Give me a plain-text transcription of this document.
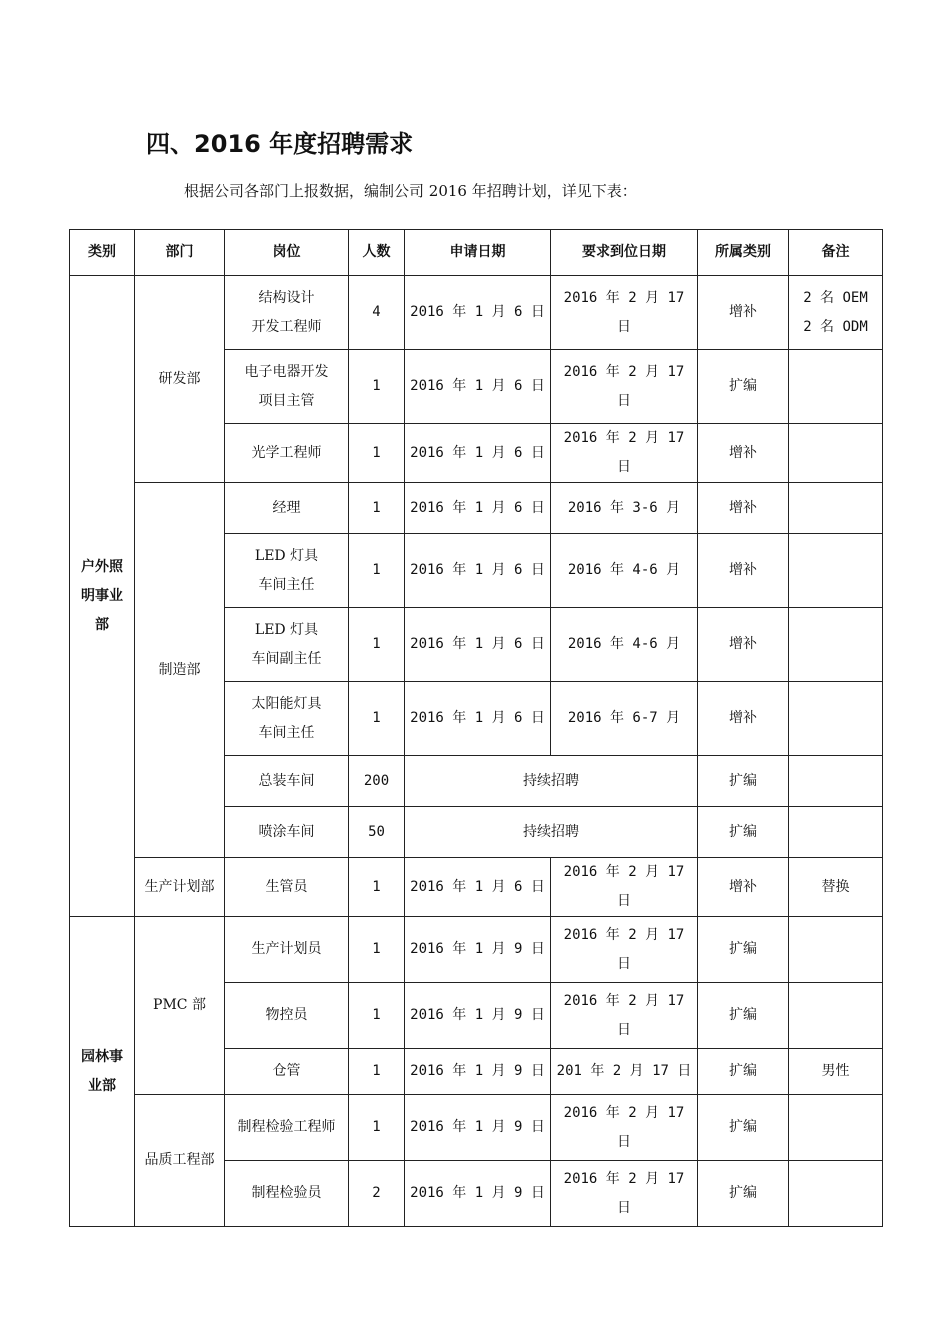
四、2016 年度招聘需求

根据公司各部门上报数据，编制公司 2016 年招聘计划，详见下表：

类别	部门	岗位	人数	申请日期	要求到位日期	所属类别	备注

户外照
明事业
部	研发部	结构设计
开发工程师	4	2016 年 1 月 6 日	2016 年 2 月 17 日	增补	2 名 OEM
2 名 ODM

		电子电器开发
项目主管	1	2016 年 1 月 6 日	2016 年 2 月 17 日	扩编	
		光学工程师	1	2016 年 1 月 6 日	2016 年 2 月 17 日	增补	
	制造部	经理	1	2016 年 1 月 6 日	2016 年 3-6 月	增补	

		LED 灯具
车间主任	1	2016 年 1 月 6 日	2016 年 4-6 月	增补	

		LED 灯具
车间副主任	1	2016 年 1 月 6 日	2016 年 4-6 月	增补	

		太阳能灯具
车间主任	1	2016 年 1 月 6 日	2016 年 6-7 月	增补	
		总装车间	200	持续招聘		扩编	
		喷涂车间	50	持续招聘		扩编	
	生产计划部	生管员	1	2016 年 1 月 6 日	2016 年 2 月 17 日	增补	替换

园林事
业部	PMC 部	生产计划员	1	2016 年 1 月 9 日	2016 年 2 月 17 日	扩编	
		物控员	1	2016 年 1 月 9 日	2016 年 2 月 17 日	扩编	
		仓管	1	2016 年 1 月 9 日	201 年 2 月 17 日	扩编	男性
	品质工程部	制程检验工程师	1	2016 年 1 月 9 日	2016 年 2 月 17 日	扩编	
		制程检验员	2	2016 年 1 月 9 日	2016 年 2 月 17 日	扩编	
